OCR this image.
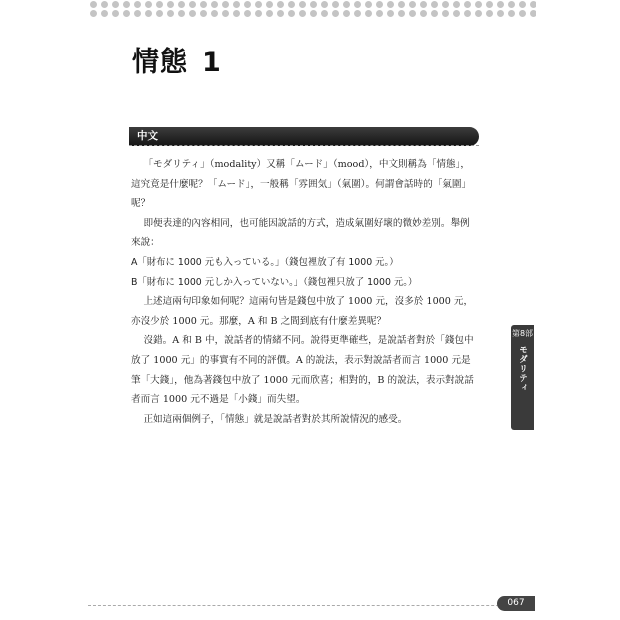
情態 1
中文

「モダリティ」（modality）又稱「ムード」（mood），中文則稱為「情態」，這究竟是什麼呢？「ムード」，一般稱「雰囲気」（氣圍）。何謂會話時的「氣圍」呢？

即便表達的內容相同，也可能因說話的方式，造成氣圍好壞的微妙差別。舉例來說：

A「財布に 1000 元も入っている。」（錢包裡放了有 1000 元。）

B「財布に 1000 元しか入っていない。」（錢包裡只放了 1000 元。）

上述這兩句印象如何呢？這兩句皆是錢包中放了 1000 元，沒多於 1000 元，亦沒少於 1000 元。那麼，A 和 B 之間到底有什麼差異呢？

沒錯。A 和 B 中，說話者的情緒不同。說得更準確些，是說話者對於「錢包中放了 1000 元」的事實有不同的評價。A 的說法，表示對說話者而言 1000 元是筆「大錢」，他為著錢包中放了 1000 元而欣喜；相對的，B 的說法，表示對說話者而言 1000 元不過是「小錢」而失望。

正如這兩個例子，「情態」就是說話者對於其所說情況的感受。

第8部
モダリティ
067
